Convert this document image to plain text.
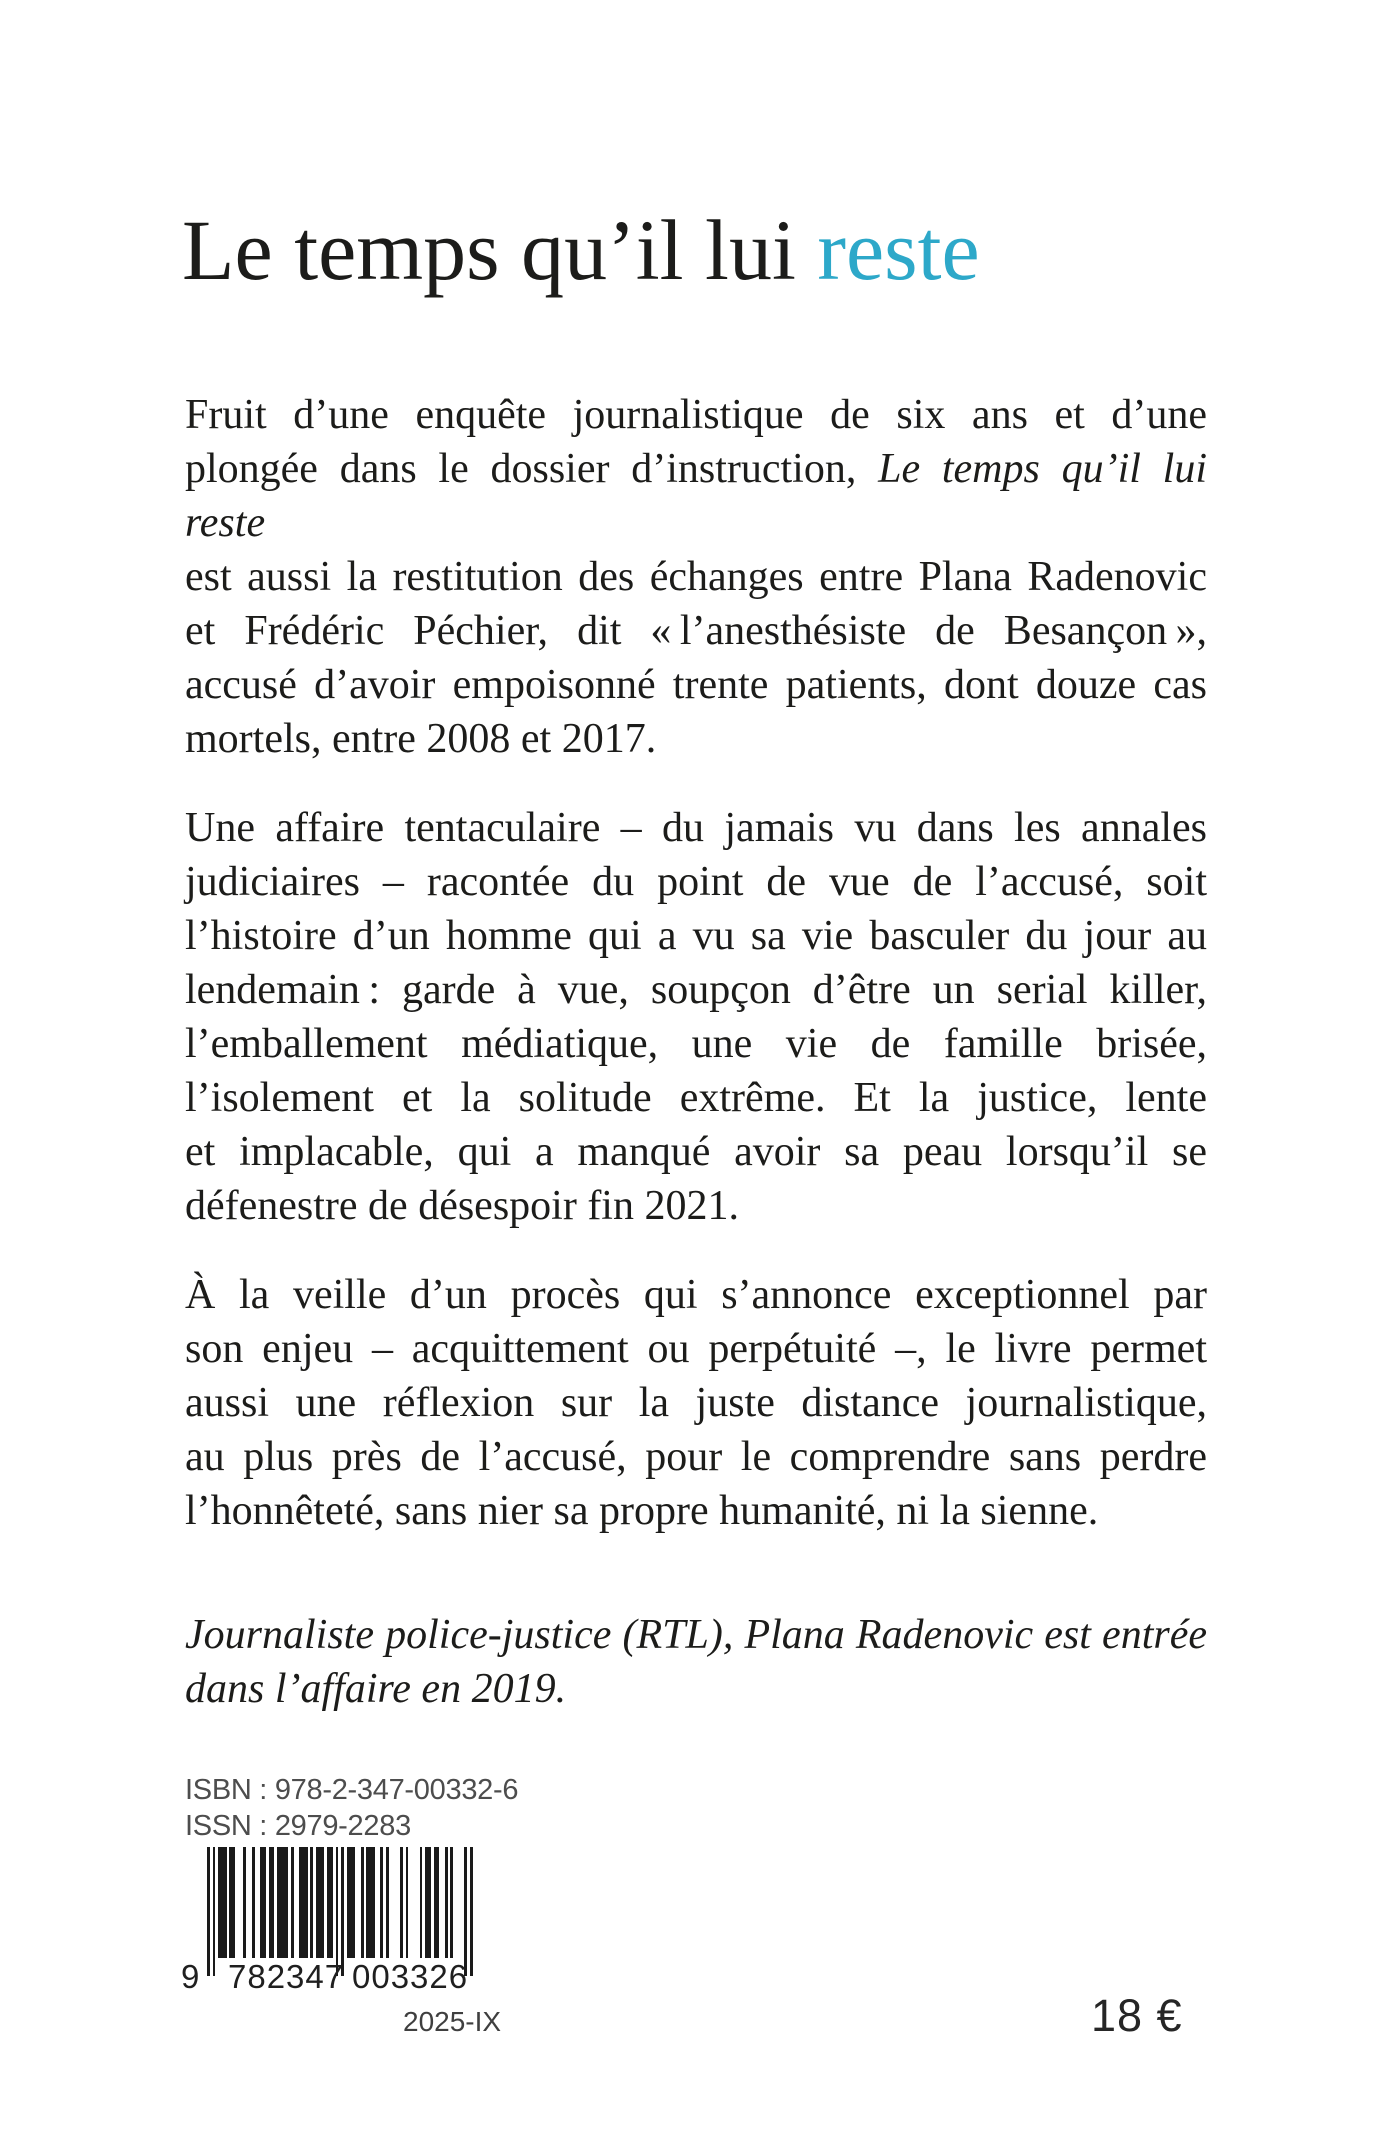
Le temps qu’il lui reste
Fruit d’une enquête journalistique de six ans et d’une
plongée dans le dossier d’instruction, Le temps qu’il lui reste
est aussi la restitution des échanges entre Plana Radenovic
et Frédéric Péchier, dit « l’anesthésiste de Besançon »,
accusé d’avoir empoisonné trente patients, dont douze cas
mortels, entre 2008 et 2017.
Une affaire tentaculaire – du jamais vu dans les annales
judiciaires – racontée du point de vue de l’accusé, soit
l’histoire d’un homme qui a vu sa vie basculer du jour au
lendemain : garde à vue, soupçon d’être un serial killer,
l’emballement médiatique, une vie de famille brisée,
l’isolement et la solitude extrême. Et la justice, lente
et implacable, qui a manqué avoir sa peau lorsqu’il se
défenestre de désespoir fin 2021.
À la veille d’un procès qui s’annonce exceptionnel par
son enjeu – acquittement ou perpétuité –, le livre permet
aussi une réflexion sur la juste distance journalistique,
au plus près de l’accusé, pour le comprendre sans perdre
l’honnêteté, sans nier sa propre humanité, ni la sienne.
Journaliste police-justice (RTL), Plana Radenovic est entrée
dans l’affaire en 2019.
ISBN : 978-2-347-00332-6
ISSN : 2979-2283
9 782347 003326
2025-IX	18 €
